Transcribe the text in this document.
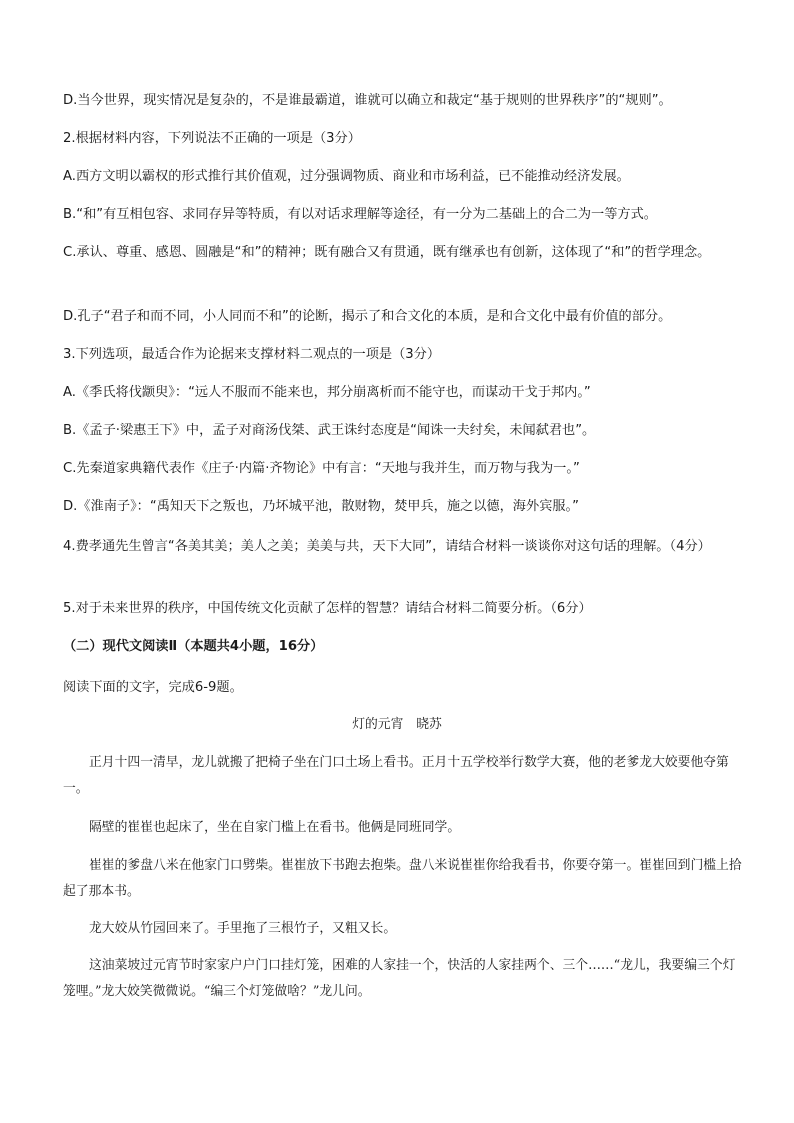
D.当今世界，现实情况是复杂的，不是谁最霸道，谁就可以确立和裁定“基于规则的世界秩序”的“规则”。

2.根据材料内容，下列说法不正确的一项是（3分）

A.西方文明以霸权的形式推行其价值观，过分强调物质、商业和市场利益，已不能推动经济发展。

B.“和”有互相包容、求同存异等特质，有以对话求理解等途径，有一分为二基础上的合二为一等方式。

C.承认、尊重、感恩、圆融是“和”的精神；既有融合又有贯通，既有继承也有创新，这体现了“和”的哲学理念。

D.孔子“君子和而不同，小人同而不和”的论断，揭示了和合文化的本质，是和合文化中最有价值的部分。

3.下列选项，最适合作为论据来支撑材料二观点的一项是（3分）

A.《季氏将伐颛臾》：“远人不服而不能来也，邦分崩离析而不能守也，而谋动干戈于邦内。”

B.《孟子·梁惠王下》中，孟子对商汤伐桀、武王诛纣态度是“闻诛一夫纣矣，未闻弑君也”。

C.先秦道家典籍代表作《庄子·内篇·齐物论》中有言：“天地与我并生，而万物与我为一。”

D.《淮南子》：“禹知天下之叛也，乃坏城平池，散财物，焚甲兵，施之以德，海外宾服。”

4.费孝通先生曾言“各美其美；美人之美；美美与共，天下大同”，请结合材料一谈谈你对这句话的理解。（4分）

5.对于未来世界的秩序，中国传统文化贡献了怎样的智慧？请结合材料二简要分析。（6分）

（二）现代文阅读Ⅱ（本题共4小题，16分）

阅读下面的文字，完成6-9题。

灯的元宵　晓苏

正月十四一清早，龙儿就搬了把椅子坐在门口土场上看书。正月十五学校举行数学大赛，他的老爹龙大姣要他夺第一。

隔壁的崔崔也起床了，坐在自家门槛上在看书。他俩是同班同学。

崔崔的爹盘八米在他家门口劈柴。崔崔放下书跑去抱柴。盘八米说崔崔你给我看书，你要夺第一。崔崔回到门槛上拾起了那本书。

龙大姣从竹园回来了。手里拖了三根竹子，又粗又长。

这油菜坡过元宵节时家家户户门口挂灯笼，困难的人家挂一个，快活的人家挂两个、三个……“龙儿，我要编三个灯笼哩。”龙大姣笑微微说。“编三个灯笼做啥？”龙儿问。
